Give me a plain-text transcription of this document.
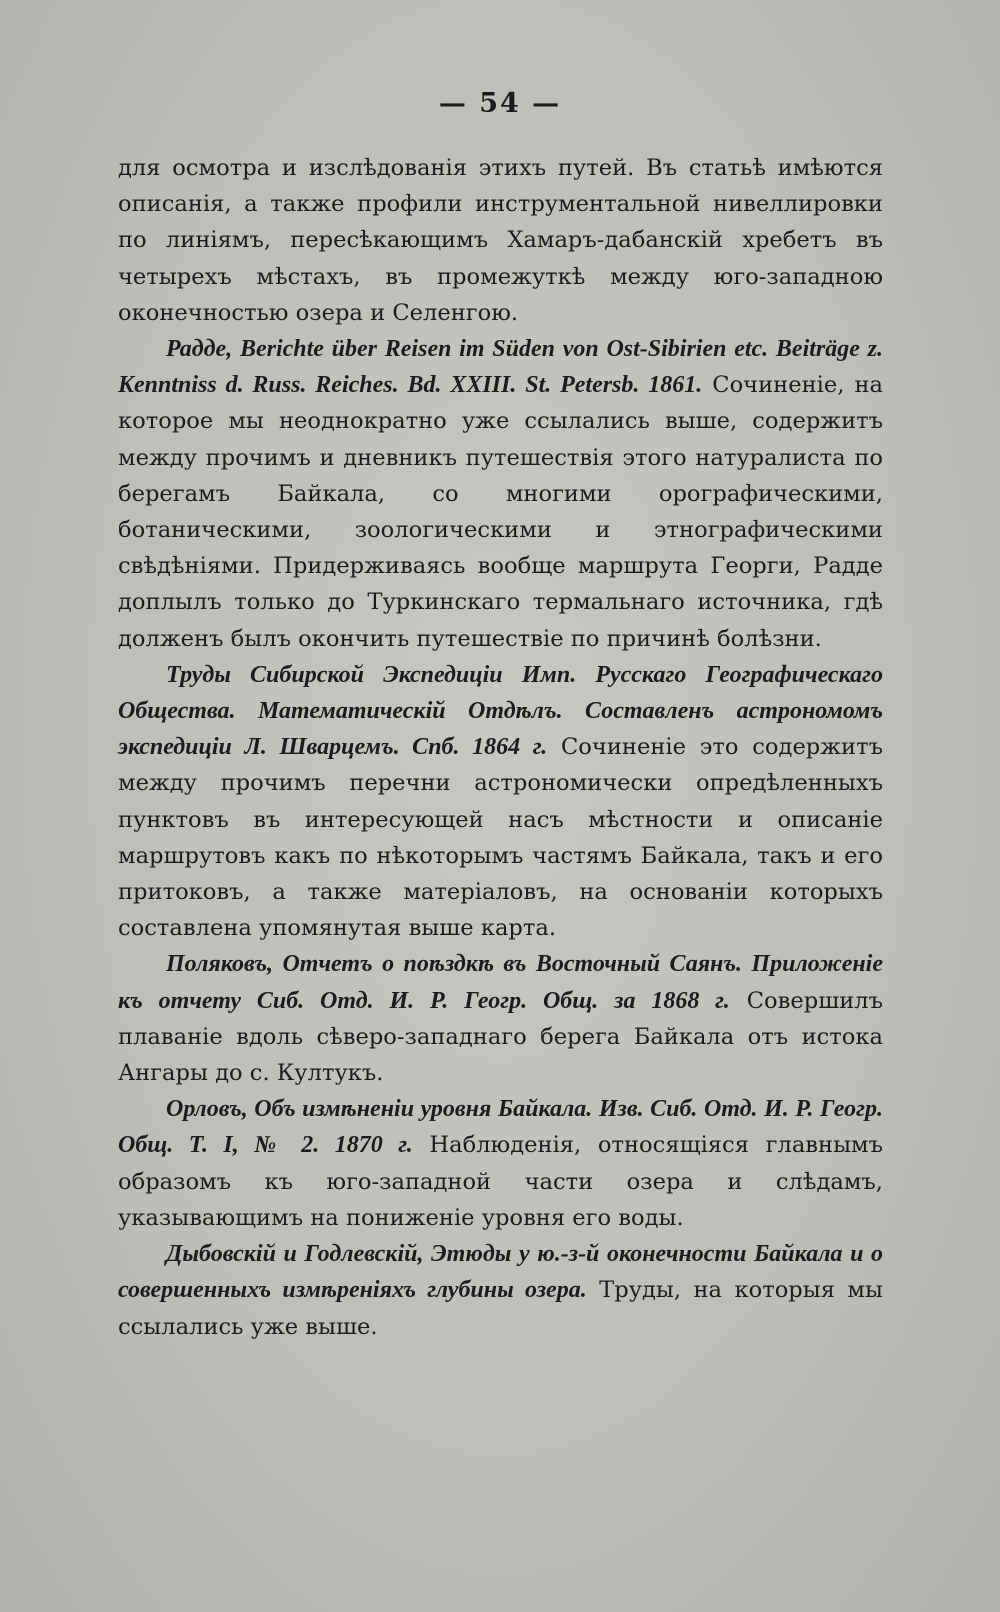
— 54 —

для осмотра и изслѣдованія этихъ путей. Въ статьѣ имѣются описанія, а также профили инструментальной нивеллировки по линіямъ, пересѣкающимъ Хамаръ-дабанскій хребетъ въ четырехъ мѣстахъ, въ промежуткѣ между юго-западною оконечностью озера и Селенгою.

Радде, Berichte über Reisen im Süden von Ost-Sibirien etc. Beiträge z. Kenntniss d. Russ. Reiches. Bd. XXIII. St. Petersb. 1861. Сочиненіе, на которое мы неоднократно уже ссылались выше, содержитъ между прочимъ и дневникъ путешествія этого натуралиста по берегамъ Байкала, со многими орографическими, ботаническими, зоологическими и этнографическими свѣдѣніями. Придерживаясь вообще маршрута Георги, Радде доплылъ только до Туркинскаго термальнаго источника, гдѣ долженъ былъ окончить путешествіе по причинѣ болѣзни.

Труды Сибирской Экспедиціи Имп. Русскаго Географическаго Общества. Математическій Отдѣлъ. Составленъ астрономомъ экспедиціи Л. Шварцемъ. Спб. 1864 г. Сочиненіе это содержитъ между прочимъ перечни астрономически опредѣленныхъ пунктовъ въ интересующей насъ мѣстности и описаніе маршрутовъ какъ по нѣкоторымъ частямъ Байкала, такъ и его притоковъ, а также матеріаловъ, на основаніи которыхъ составлена упомянутая выше карта.

Поляковъ, Отчетъ о поѣздкѣ въ Восточный Саянъ. Приложеніе къ отчету Сиб. Отд. И. Р. Геогр. Общ. за 1868 г. Совершилъ плаваніе вдоль сѣверо-западнаго берега Байкала отъ истока Ангары до с. Култукъ.

Орловъ, Объ измѣненіи уровня Байкала. Изв. Сиб. Отд. И. Р. Геогр. Общ. Т. I, № 2. 1870 г. Наблюденія, относящіяся главнымъ образомъ къ юго-западной части озера и слѣдамъ, указывающимъ на пониженіе уровня его воды.

Дыбовскій и Годлевскій, Этюды у ю.-з-й оконечности Байкала и о совершенныхъ измѣреніяхъ глубины озера. Труды, на которыя мы ссылались уже выше.
